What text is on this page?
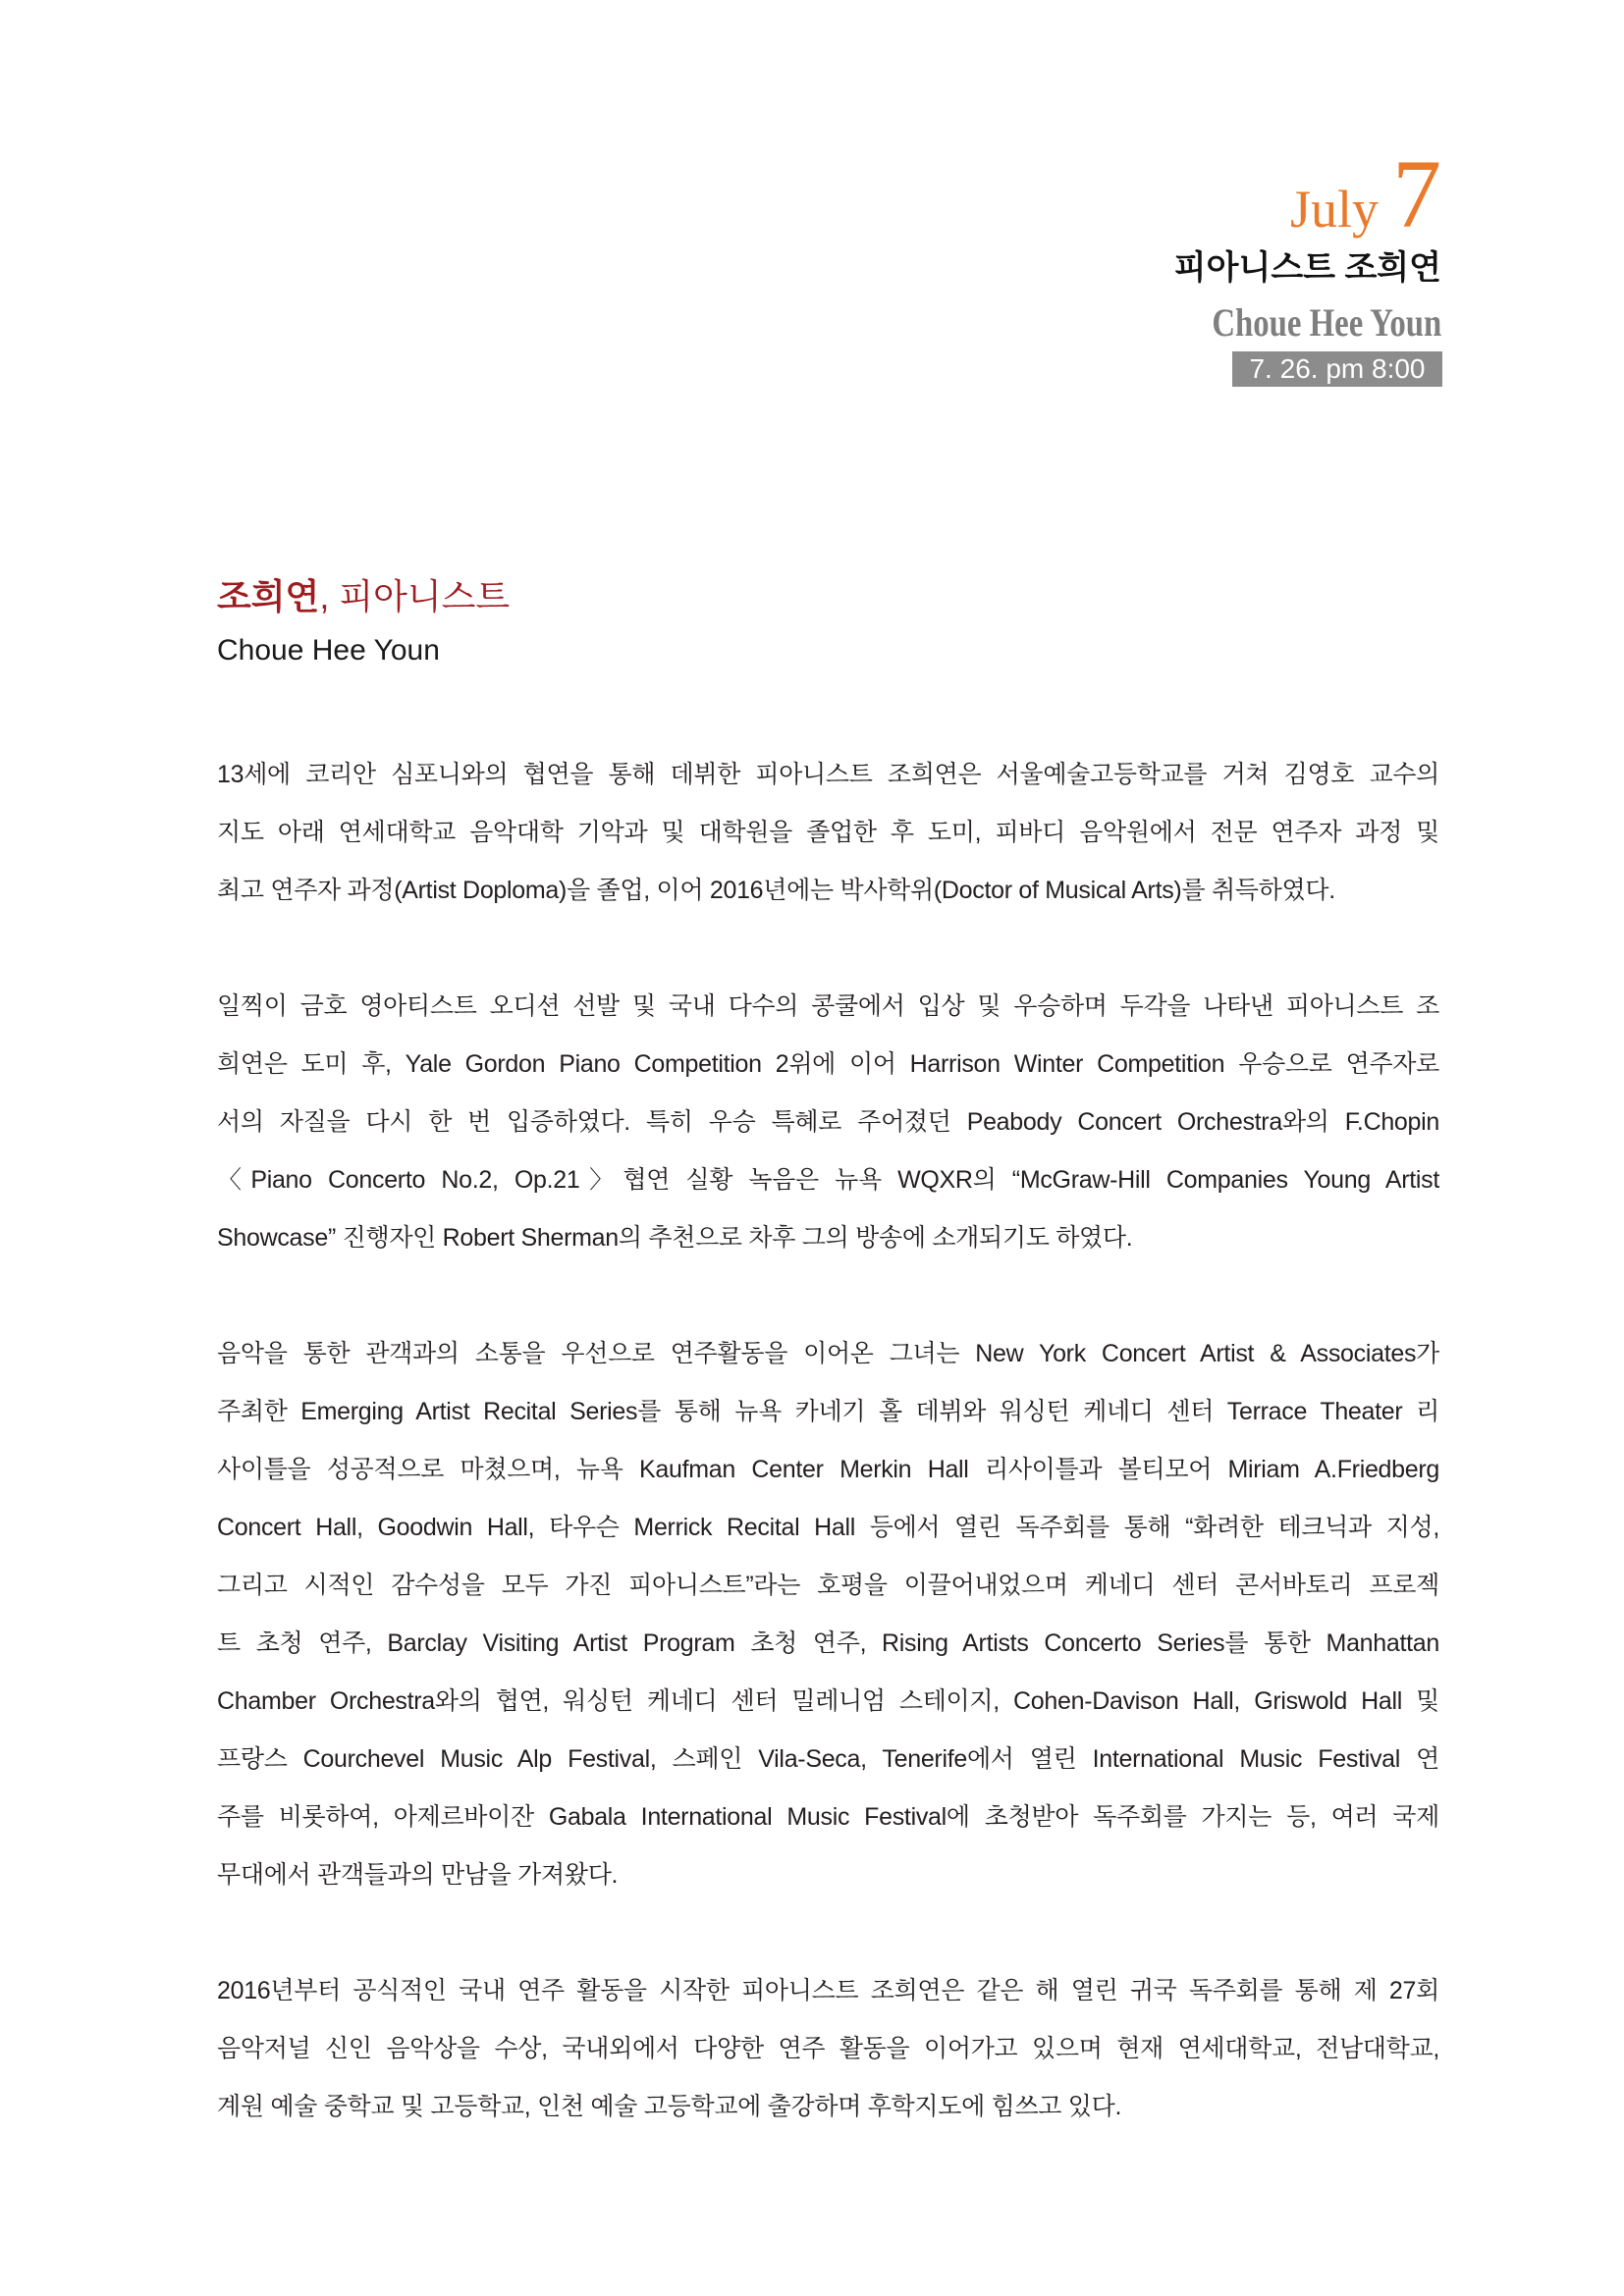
July 7
피아니스트 조희연
Choue Hee Youn
7. 26. pm 8:00
조희연, 피아니스트
Choue Hee Youn
13세에 코리안 심포니와의 협연을 통해 데뷔한 피아니스트 조희연은 서울예술고등학교를 거쳐 김영호 교수의
지도 아래 연세대학교 음악대학 기악과 및 대학원을 졸업한 후 도미, 피바디 음악원에서 전문 연주자 과정 및
최고 연주자 과정(Artist Doploma)을 졸업, 이어 2016년에는 박사학위(Doctor of Musical Arts)를 취득하였다.
일찍이 금호 영아티스트 오디션 선발 및 국내 다수의 콩쿨에서 입상 및 우승하며 두각을 나타낸 피아니스트 조
희연은 도미 후, Yale Gordon Piano Competition 2위에 이어 Harrison Winter Competition 우승으로 연주자로
서의 자질을 다시 한 번 입증하였다. 특히 우승 특혜로 주어졌던 Peabody Concert Orchestra와의 F.Chopin
〈Piano Concerto No.2, Op.21〉협연 실황 녹음은 뉴욕 WQXR의 “McGraw-Hill Companies Young Artist
Showcase” 진행자인 Robert Sherman의 추천으로 차후 그의 방송에 소개되기도 하였다.
음악을 통한 관객과의 소통을 우선으로 연주활동을 이어온 그녀는 New York Concert Artist & Associates가
주최한 Emerging Artist Recital Series를 통해 뉴욕 카네기 홀 데뷔와 워싱턴 케네디 센터 Terrace Theater 리
사이틀을 성공적으로 마쳤으며, 뉴욕 Kaufman Center Merkin Hall 리사이틀과 볼티모어 Miriam A.Friedberg
Concert Hall, Goodwin Hall, 타우슨 Merrick Recital Hall 등에서 열린 독주회를 통해 “화려한 테크닉과 지성,
그리고 시적인 감수성을 모두 가진 피아니스트”라는 호평을 이끌어내었으며 케네디 센터 콘서바토리 프로젝
트 초청 연주, Barclay Visiting Artist Program 초청 연주, Rising Artists Concerto Series를 통한 Manhattan
Chamber Orchestra와의 협연, 워싱턴 케네디 센터 밀레니엄 스테이지, Cohen-Davison Hall, Griswold Hall 및
프랑스 Courchevel Music Alp Festival, 스페인 Vila-Seca, Tenerife에서 열린 International Music Festival 연
주를 비롯하여, 아제르바이잔 Gabala International Music Festival에 초청받아 독주회를 가지는 등, 여러 국제
무대에서 관객들과의 만남을 가져왔다.
2016년부터 공식적인 국내 연주 활동을 시작한 피아니스트 조희연은 같은 해 열린 귀국 독주회를 통해 제 27회
음악저널 신인 음악상을 수상, 국내외에서 다양한 연주 활동을 이어가고 있으며 현재 연세대학교, 전남대학교,
계원 예술 중학교 및 고등학교, 인천 예술 고등학교에 출강하며 후학지도에 힘쓰고 있다.
